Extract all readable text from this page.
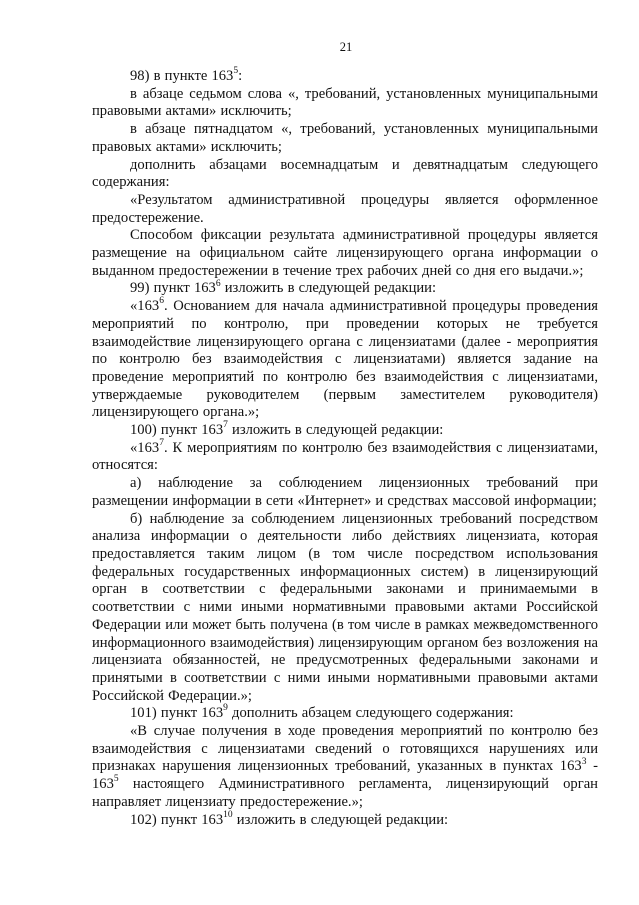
21
98) в пункте $163^5$:
в абзаце седьмом слова «, требований, установленных муниципальными правовыми актами» исключить;
в абзаце пятнадцатом «, требований, установленных муниципальными правовых актами» исключить;
дополнить абзацами восемнадцатым и девятнадцатым следующего содержания:
«Результатом административной процедуры является оформленное предостережение.
Способом фиксации результата административной процедуры является размещение на официальном сайте лицензирующего органа информации о выданном предостережении в течение трех рабочих дней со дня его выдачи.»;
99) пункт $163^6$ изложить в следующей редакции:
«$163^6$. Основанием для начала административной процедуры проведения мероприятий по контролю, при проведении которых не требуется взаимодействие лицензирующего органа с лицензиатами (далее - мероприятия по контролю без взаимодействия с лицензиатами) является задание на проведение мероприятий по контролю без взаимодействия с лицензиатами, утверждаемые руководителем (первым заместителем руководителя) лицензирующего органа.»;
100) пункт $163^7$ изложить в следующей редакции:
«$163^7$. К мероприятиям по контролю без взаимодействия с лицензиатами, относятся:
а) наблюдение за соблюдением лицензионных требований при размещении информации в сети «Интернет» и средствах массовой информации;
б) наблюдение за соблюдением лицензионных требований посредством анализа информации о деятельности либо действиях лицензиата, которая предоставляется таким лицом (в том числе посредством использования федеральных государственных информационных систем) в лицензирующий орган в соответствии с федеральными законами и принимаемыми в соответствии с ними иными нормативными правовыми актами Российской Федерации или может быть получена (в том числе в рамках межведомственного информационного взаимодействия) лицензирующим органом без возложения на лицензиата обязанностей, не предусмотренных федеральными законами и принятыми в соответствии с ними иными нормативными правовыми актами Российской Федерации.»;
101) пункт $163^9$ дополнить абзацем следующего содержания:
«В случае получения в ходе проведения мероприятий по контролю без взаимодействия с лицензиатами сведений о готовящихся нарушениях или признаках нарушения лицензионных требований, указанных в пунктах $163^3 - 163^5$ настоящего Административного регламента, лицензирующий орган направляет лицензиату предостережение.»;
102) пункт $163^{10}$ изложить в следующей редакции:
